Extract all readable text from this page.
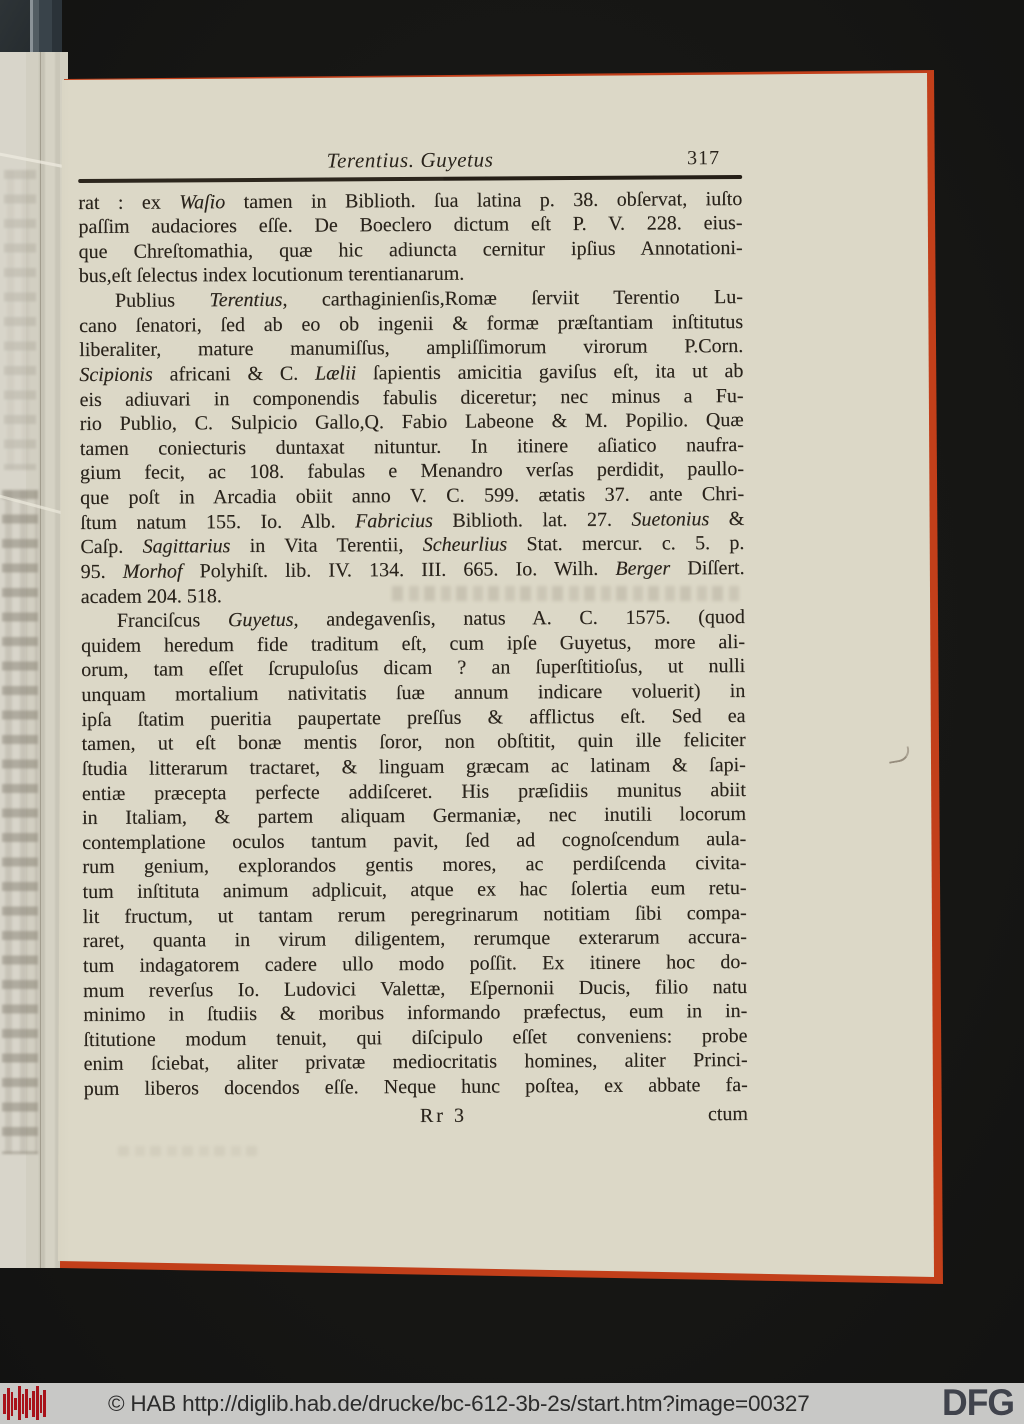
Terentius. Guyetus	317
rat : ex Waſio tamen in Biblioth. ſua latina p. 38. obſervat, iuſto
paſſim audaciores eſſe. De Boeclero dictum eſt P. V. 228. eius-
que Chreſtomathia, quæ hic adiuncta cernitur ipſius Annotationi-
bus,eſt ſelectus index locutionum terentianarum.
Publius Terentius, carthaginienſis,Romæ ſerviit Terentio Lu-
cano ſenatori, ſed ab eo ob ingenii & formæ præſtantiam inſtitutus
liberaliter, mature manumiſſus, ampliſſimorum virorum P.Corn.
Scipionis africani & C. Lælii ſapientis amicitia gaviſus eſt, ita ut ab
eis adiuvari in componendis fabulis diceretur; nec minus a Fu-
rio Publio, C. Sulpicio Gallo,Q. Fabio Labeone & M. Popilio. Quæ
tamen coniecturis duntaxat nituntur. In itinere aſiatico naufra-
gium fecit, ac 108. fabulas e Menandro verſas perdidit, paullo-
que poſt in Arcadia obiit anno V. C. 599. ætatis 37. ante Chri-
ſtum natum 155. Io. Alb. Fabricius Biblioth. lat. 27. Suetonius &
Caſp. Sagittarius in Vita Terentii, Scheurlius Stat. mercur. c. 5. p.
95. Morhof Polyhiſt. lib. IV. 134. III. 665. Io. Wilh. Berger Diſſert.
academ 204. 518.
Franciſcus Guyetus, andegavenſis, natus A. C. 1575. (quod
quidem heredum fide traditum eſt, cum ipſe Guyetus, more ali-
orum, tam eſſet ſcrupuloſus dicam ? an ſuperſtitioſus, ut nulli
unquam mortalium nativitatis ſuæ annum indicare voluerit) in
ipſa ſtatim pueritia paupertate preſſus & afflictus eſt. Sed ea
tamen, ut eſt bonæ mentis ſoror, non obſtitit, quin ille feliciter
ſtudia litterarum tractaret, & linguam græcam ac latinam & ſapi-
entiæ præcepta perfecte addiſceret. His præſidiis munitus abiit
in Italiam, & partem aliquam Germaniæ, nec inutili locorum
contemplatione oculos tantum pavit, ſed ad cognoſcendum aula-
rum genium, explorandos gentis mores, ac perdiſcenda civita-
tum inſtituta animum adplicuit, atque ex hac ſolertia eum retu-
lit fructum, ut tantam rerum peregrinarum notitiam ſibi compa-
raret, quanta in virum diligentem, rerumque exterarum accura-
tum indagatorem cadere ullo modo poſſit. Ex itinere hoc do-
mum reverſus Io. Ludovici Valettæ, Eſpernonii Ducis, filio natu
minimo in ſtudiis & moribus informando præfectus, eum in in-
ſtitutione modum tenuit, qui diſcipulo eſſet conveniens: probe
enim ſciebat, aliter privatæ mediocritatis homines, aliter Princi-
pum liberos docendos eſſe. Neque hunc poſtea, ex abbate fa-
Rr 3	ctum
© HAB http://diglib.hab.de/drucke/bc-612-3b-2s/start.htm?image=00327	DFG
